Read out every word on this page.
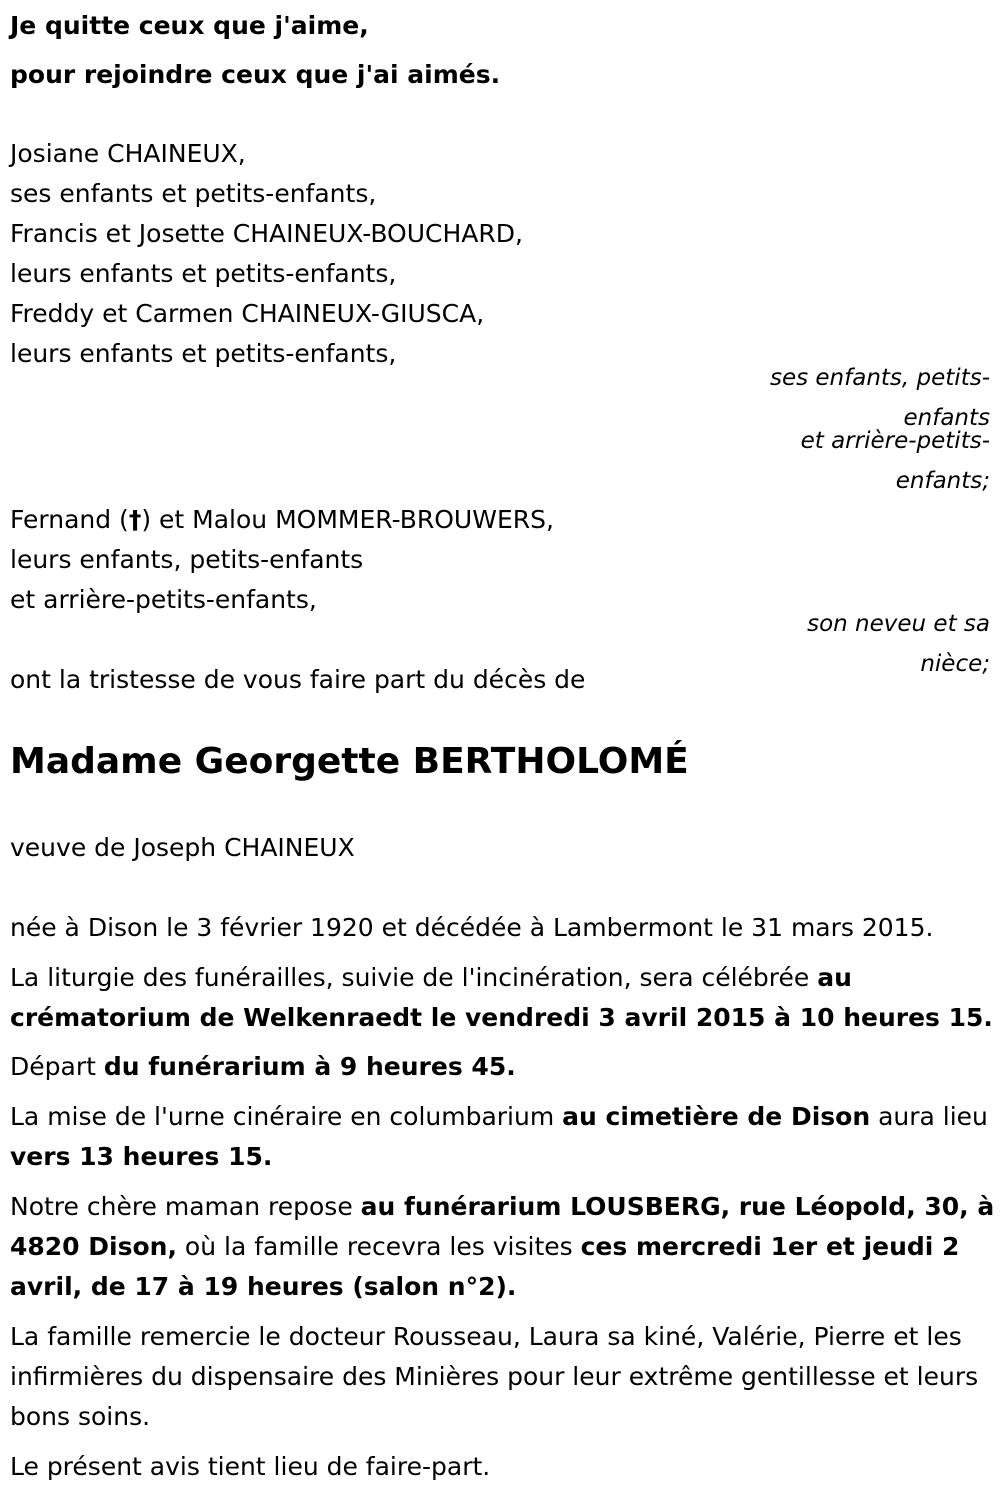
Je quitte ceux que j'aime,
pour rejoindre ceux que j'ai aimés.
Josiane CHAINEUX,
ses enfants et petits-enfants,
Francis et Josette CHAINEUX-BOUCHARD,
leurs enfants et petits-enfants,
Freddy et Carmen CHAINEUX-GIUSCA,
leurs enfants et petits-enfants,
ses enfants, petits-
enfants
et arrière-petits-
enfants;
Fernand (†) et Malou MOMMER-BROUWERS,
leurs enfants, petits-enfants
et arrière-petits-enfants,
son neveu et sa
nièce;
ont la tristesse de vous faire part du décès de
Madame Georgette BERTHOLOMÉ
veuve de Joseph CHAINEUX
née à Dison le 3 février 1920 et décédée à Lambermont le 31 mars 2015.
La liturgie des funérailles, suivie de l'incinération, sera célébrée au crématorium de Welkenraedt le vendredi 3 avril 2015 à 10 heures 15.
Départ du funérarium à 9 heures 45.
La mise de l'urne cinéraire en columbarium au cimetière de Dison aura lieu vers 13 heures 15.
Notre chère maman repose au funérarium LOUSBERG, rue Léopold, 30, à 4820 Dison, où la famille recevra les visites ces mercredi 1er et jeudi 2 avril, de 17 à 19 heures (salon n°2).
La famille remercie le docteur Rousseau, Laura sa kiné, Valérie, Pierre et les infirmières du dispensaire des Minières pour leur extrême gentillesse et leurs bons soins.
Le présent avis tient lieu de faire-part.
